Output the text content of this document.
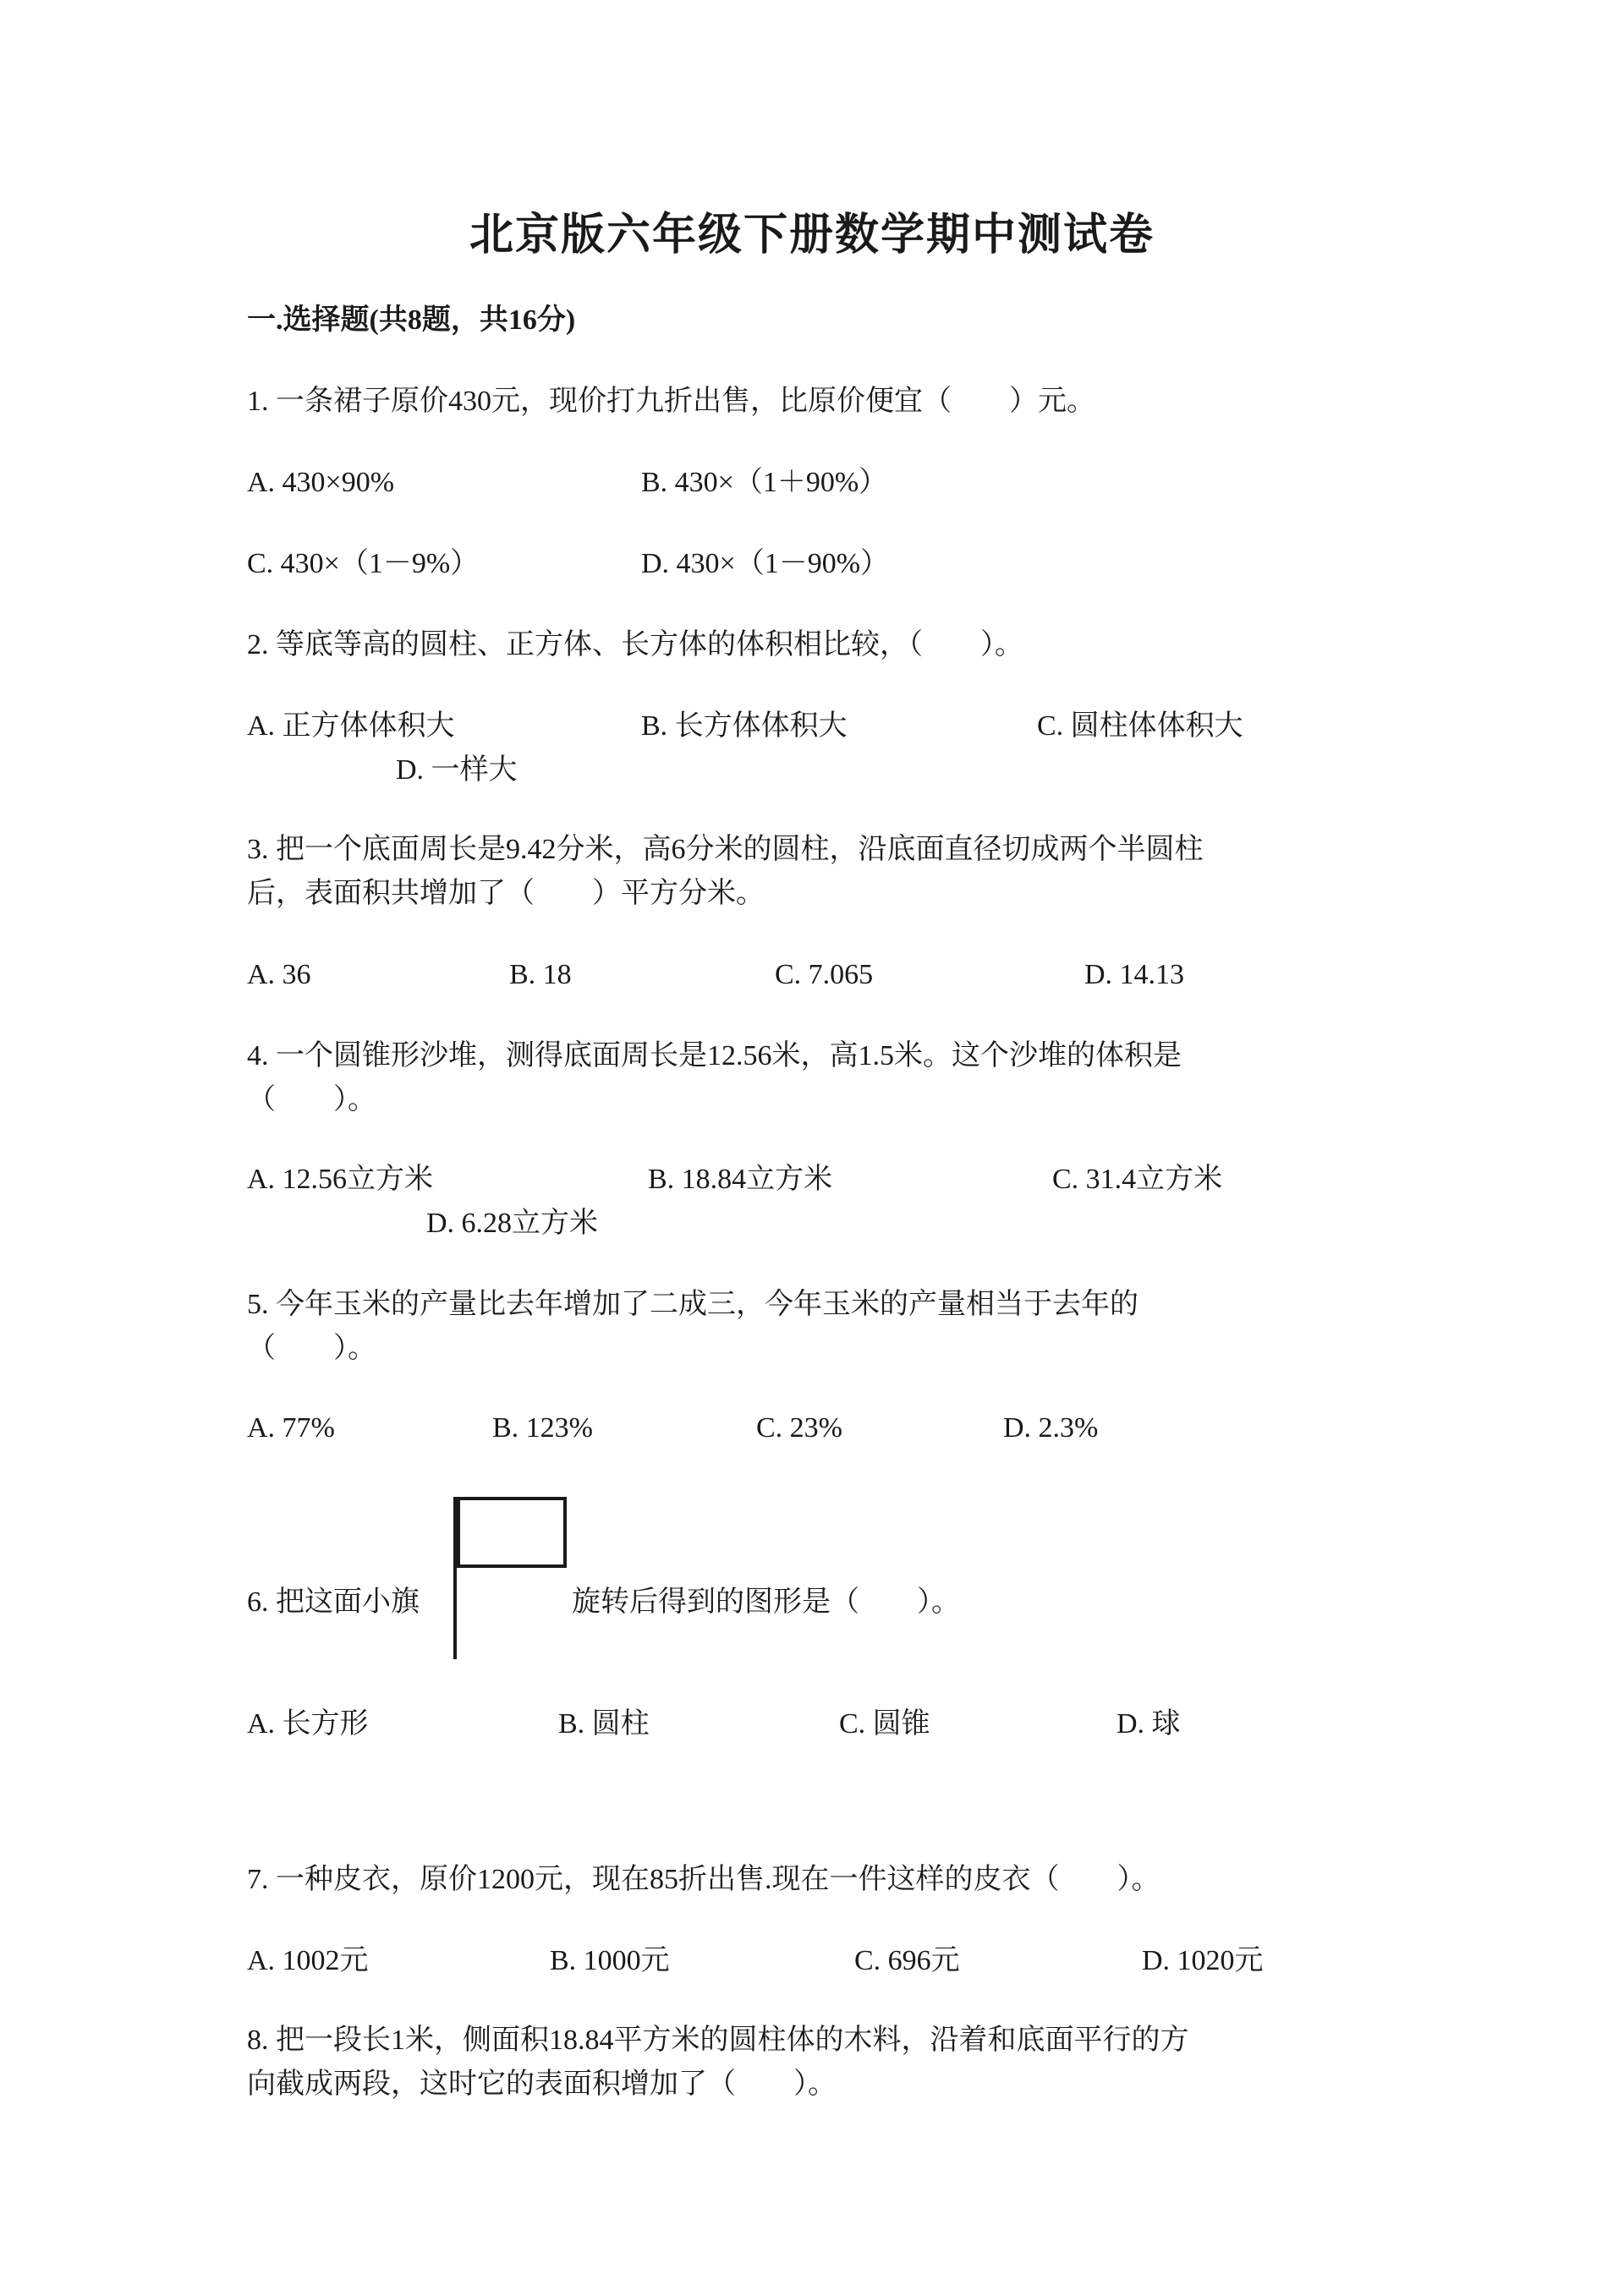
北京版六年级下册数学期中测试卷
一.选择题(共8题，共16分)
1. 一条裙子原价430元，现价打九折出售，比原价便宜（　　）元。
A. 430×90%	B. 430×（1＋90%）
C. 430×（1－9%）	D. 430×（1－90%）
2. 等底等高的圆柱、正方体、长方体的体积相比较，（　　）。
A. 正方体体积大	B. 长方体体积大	C. 圆柱体体积大
D. 一样大
3. 把一个底面周长是9.42分米，高6分米的圆柱，沿底面直径切成两个半圆柱
后，表面积共增加了（　　）平方分米。
A. 36	B. 18	C. 7.065	D. 14.13
4. 一个圆锥形沙堆，测得底面周长是12.56米，高1.5米。这个沙堆的体积是
（　　）。
A. 12.56立方米	B. 18.84立方米	C. 31.4立方米
D. 6.28立方米
5. 今年玉米的产量比去年增加了二成三，今年玉米的产量相当于去年的
（　　）。
A. 77%	B. 123%	C. 23%	D. 2.3%
6. 把这面小旗	旋转后得到的图形是（　　）。
A. 长方形	B. 圆柱	C. 圆锥	D. 球
7. 一种皮衣，原价1200元，现在85折出售.现在一件这样的皮衣（　　）。
A. 1002元	B. 1000元	C. 696元	D. 1020元
8. 把一段长1米，侧面积18.84平方米的圆柱体的木料，沿着和底面平行的方
向截成两段，这时它的表面积增加了（　　）。
